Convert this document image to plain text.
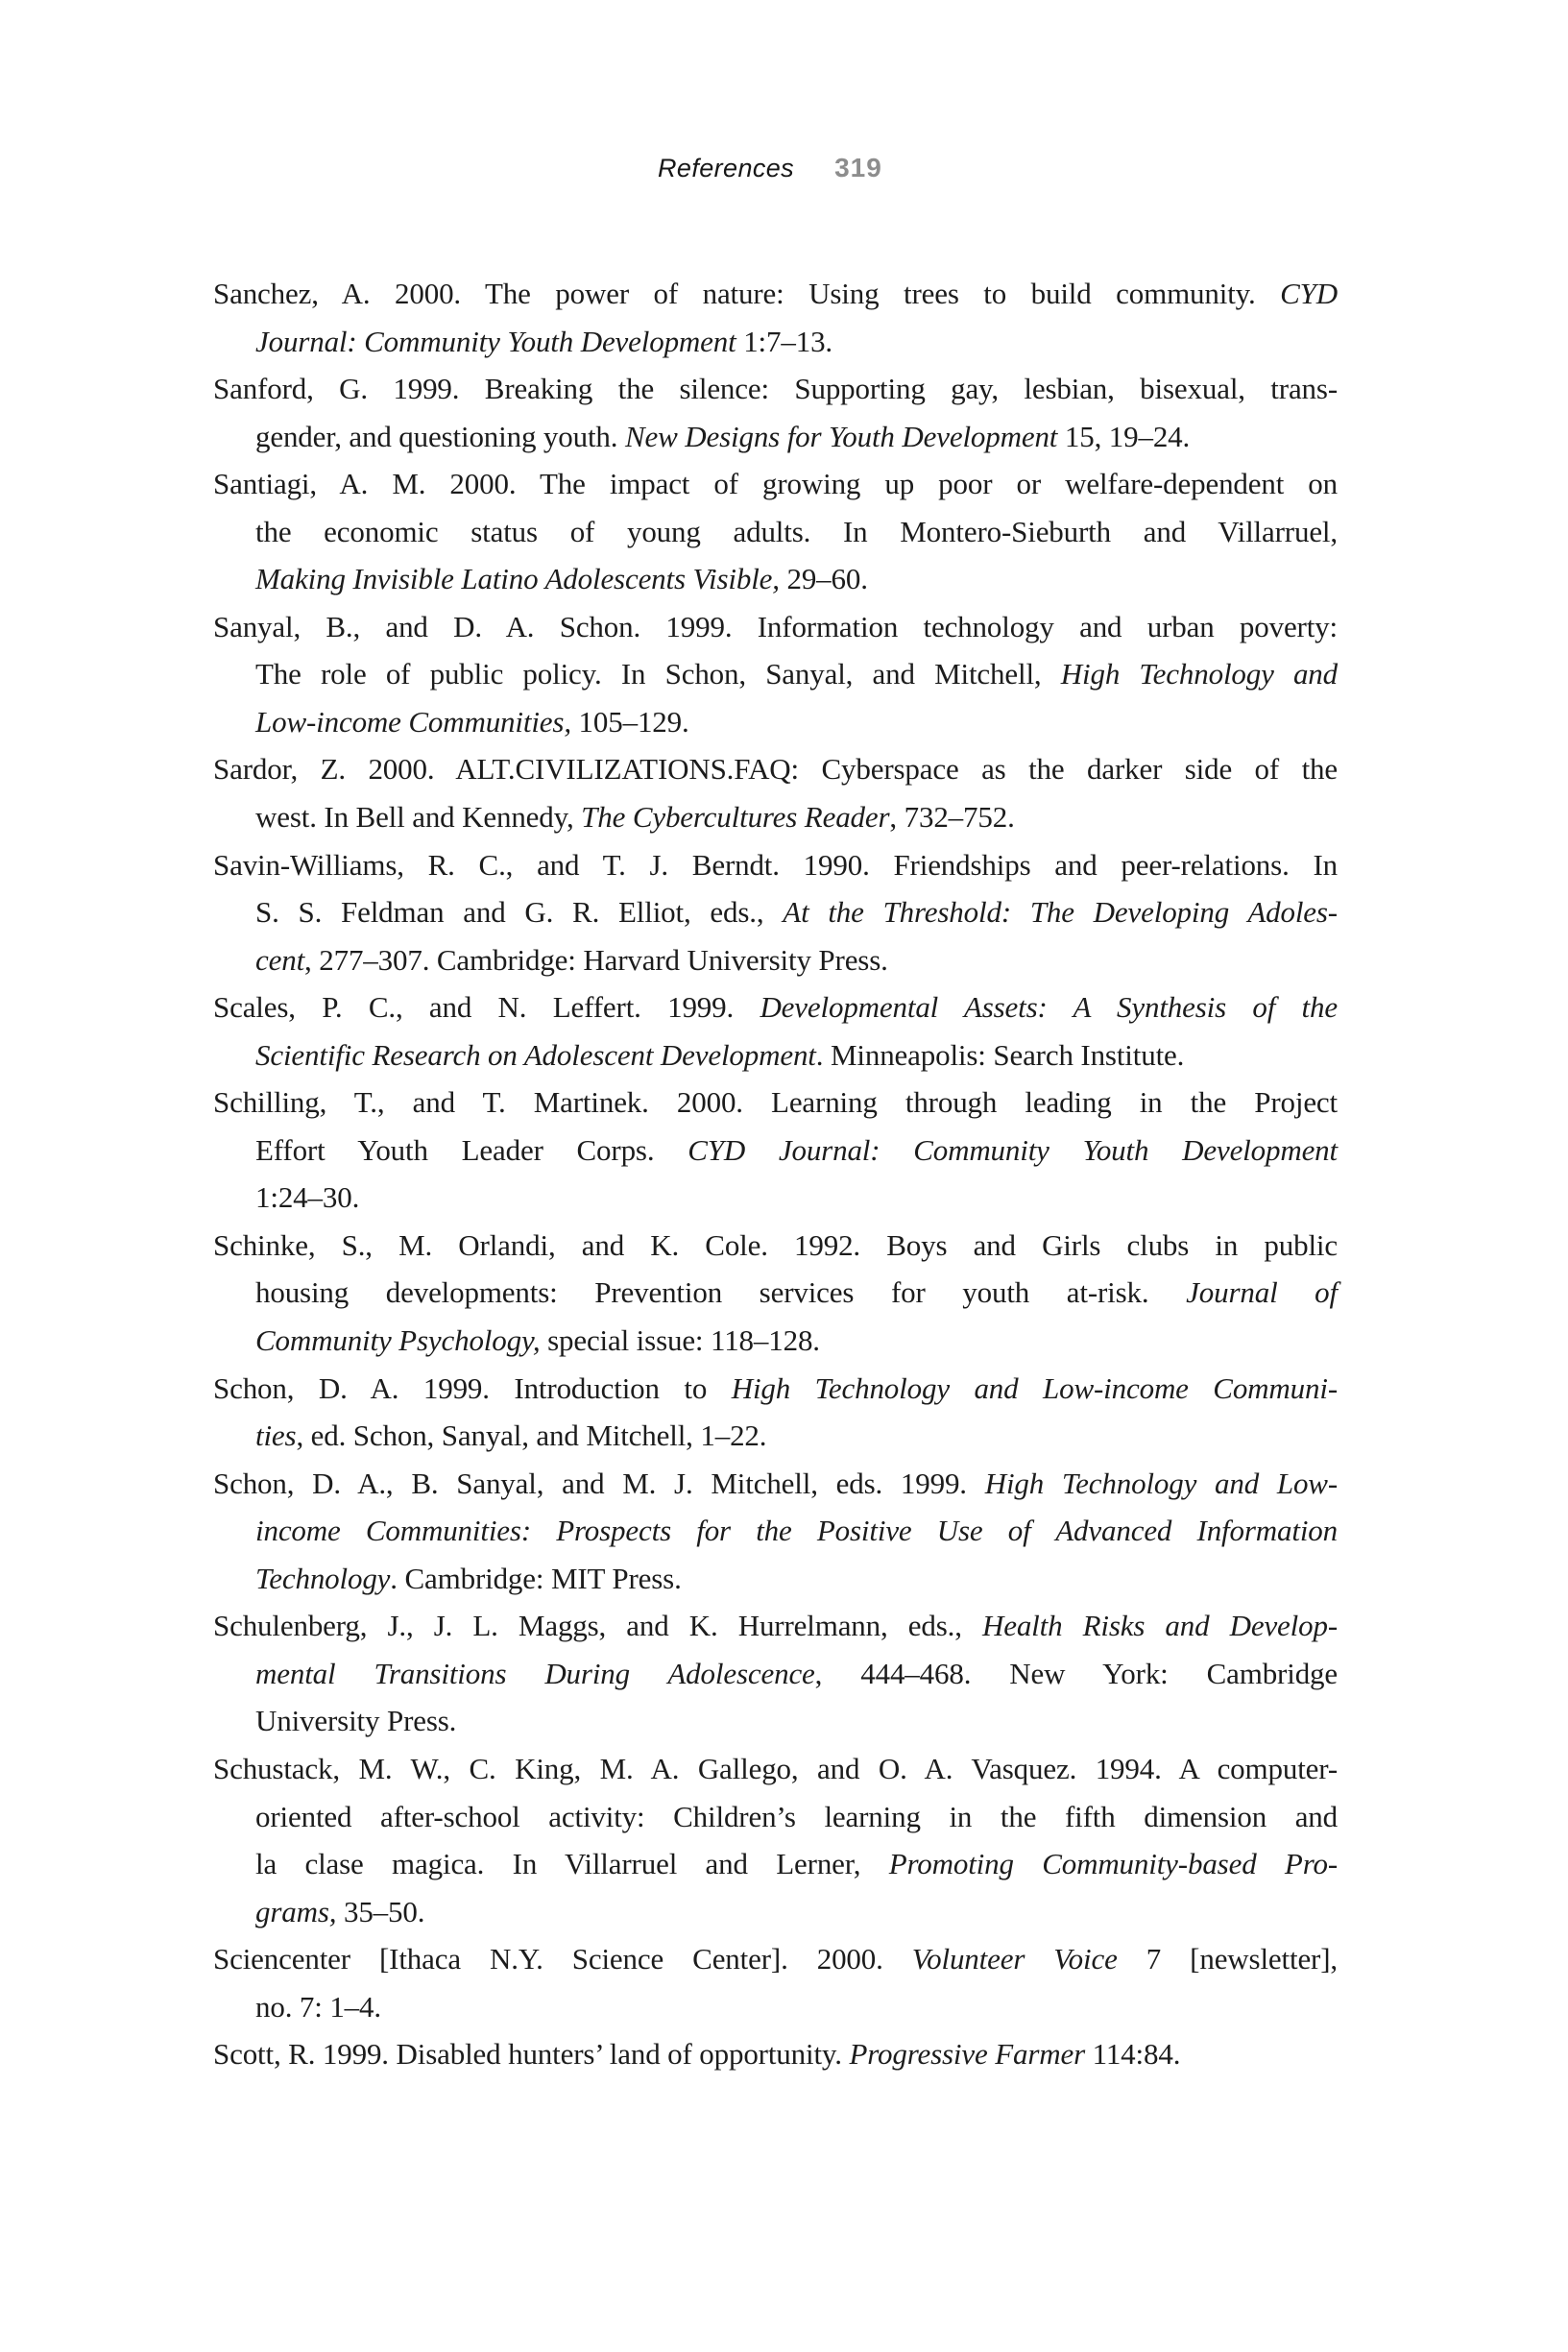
References 319
Sanchez, A. 2000. The power of nature: Using trees to build community. CYD
Journal: Community Youth Development 1:7–13.
Sanford, G. 1999. Breaking the silence: Supporting gay, lesbian, bisexual, trans-
gender, and questioning youth. New Designs for Youth Development 15, 19–24.
Santiagi, A. M. 2000. The impact of growing up poor or welfare-dependent on
the economic status of young adults. In Montero-Sieburth and Villarruel,
Making Invisible Latino Adolescents Visible, 29–60.
Sanyal, B., and D. A. Schon. 1999. Information technology and urban poverty:
The role of public policy. In Schon, Sanyal, and Mitchell, High Technology and
Low-income Communities, 105–129.
Sardor, Z. 2000. ALT.CIVILIZATIONS.FAQ: Cyberspace as the darker side of the
west. In Bell and Kennedy, The Cybercultures Reader, 732–752.
Savin-Williams, R. C., and T. J. Berndt. 1990. Friendships and peer-relations. In
S. S. Feldman and G. R. Elliot, eds., At the Threshold: The Developing Adoles-
cent, 277–307. Cambridge: Harvard University Press.
Scales, P. C., and N. Leffert. 1999. Developmental Assets: A Synthesis of the
Scientific Research on Adolescent Development. Minneapolis: Search Institute.
Schilling, T., and T. Martinek. 2000. Learning through leading in the Project
Effort Youth Leader Corps. CYD Journal: Community Youth Development
1:24–30.
Schinke, S., M. Orlandi, and K. Cole. 1992. Boys and Girls clubs in public
housing developments: Prevention services for youth at-risk. Journal of
Community Psychology, special issue: 118–128.
Schon, D. A. 1999. Introduction to High Technology and Low-income Communi-
ties, ed. Schon, Sanyal, and Mitchell, 1–22.
Schon, D. A., B. Sanyal, and M. J. Mitchell, eds. 1999. High Technology and Low-
income Communities: Prospects for the Positive Use of Advanced Information
Technology. Cambridge: MIT Press.
Schulenberg, J., J. L. Maggs, and K. Hurrelmann, eds., Health Risks and Develop-
mental Transitions During Adolescence, 444–468. New York: Cambridge
University Press.
Schustack, M. W., C. King, M. A. Gallego, and O. A. Vasquez. 1994. A computer-
oriented after-school activity: Children’s learning in the fifth dimension and
la clase magica. In Villarruel and Lerner, Promoting Community-based Pro-
grams, 35–50.
Sciencenter [Ithaca N.Y. Science Center]. 2000. Volunteer Voice 7 [newsletter],
no. 7: 1–4.
Scott, R. 1999. Disabled hunters’ land of opportunity. Progressive Farmer 114:84.
